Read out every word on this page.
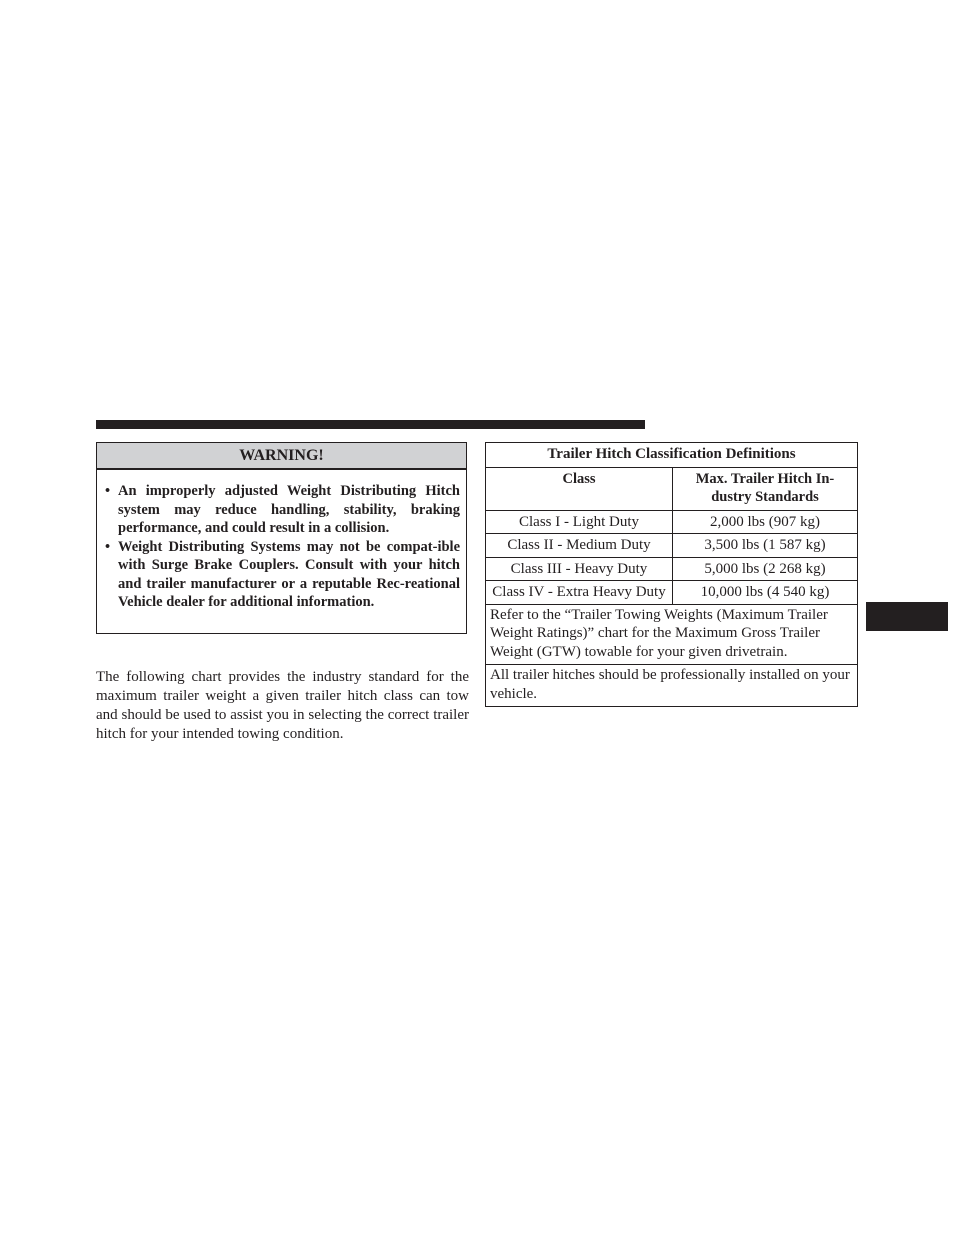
WARNING!
• An improperly adjusted Weight Distributing Hitch system may reduce handling, stability, braking performance, and could result in a collision.
• Weight Distributing Systems may not be compat-ible with Surge Brake Couplers. Consult with your hitch and trailer manufacturer or a reputable Rec-reational Vehicle dealer for additional information.

The following chart provides the industry standard for the maximum trailer weight a given trailer hitch class can tow and should be used to assist you in selecting the correct trailer hitch for your intended towing condition.

Trailer Hitch Classification Definitions	
Class	Max. Trailer Hitch In-dustry Standards
Class I - Light Duty	2,000 lbs (907 kg)
Class II - Medium Duty	3,500 lbs (1 587 kg)
Class III - Heavy Duty	5,000 lbs (2 268 kg)
Class IV - Extra Heavy Duty	10,000 lbs (4 540 kg)
Refer to the “Trailer Towing Weights (Maximum Trailer Weight Ratings)” chart for the Maximum Gross Trailer Weight (GTW) towable for your given drivetrain.	
All trailer hitches should be professionally installed on your vehicle.	
